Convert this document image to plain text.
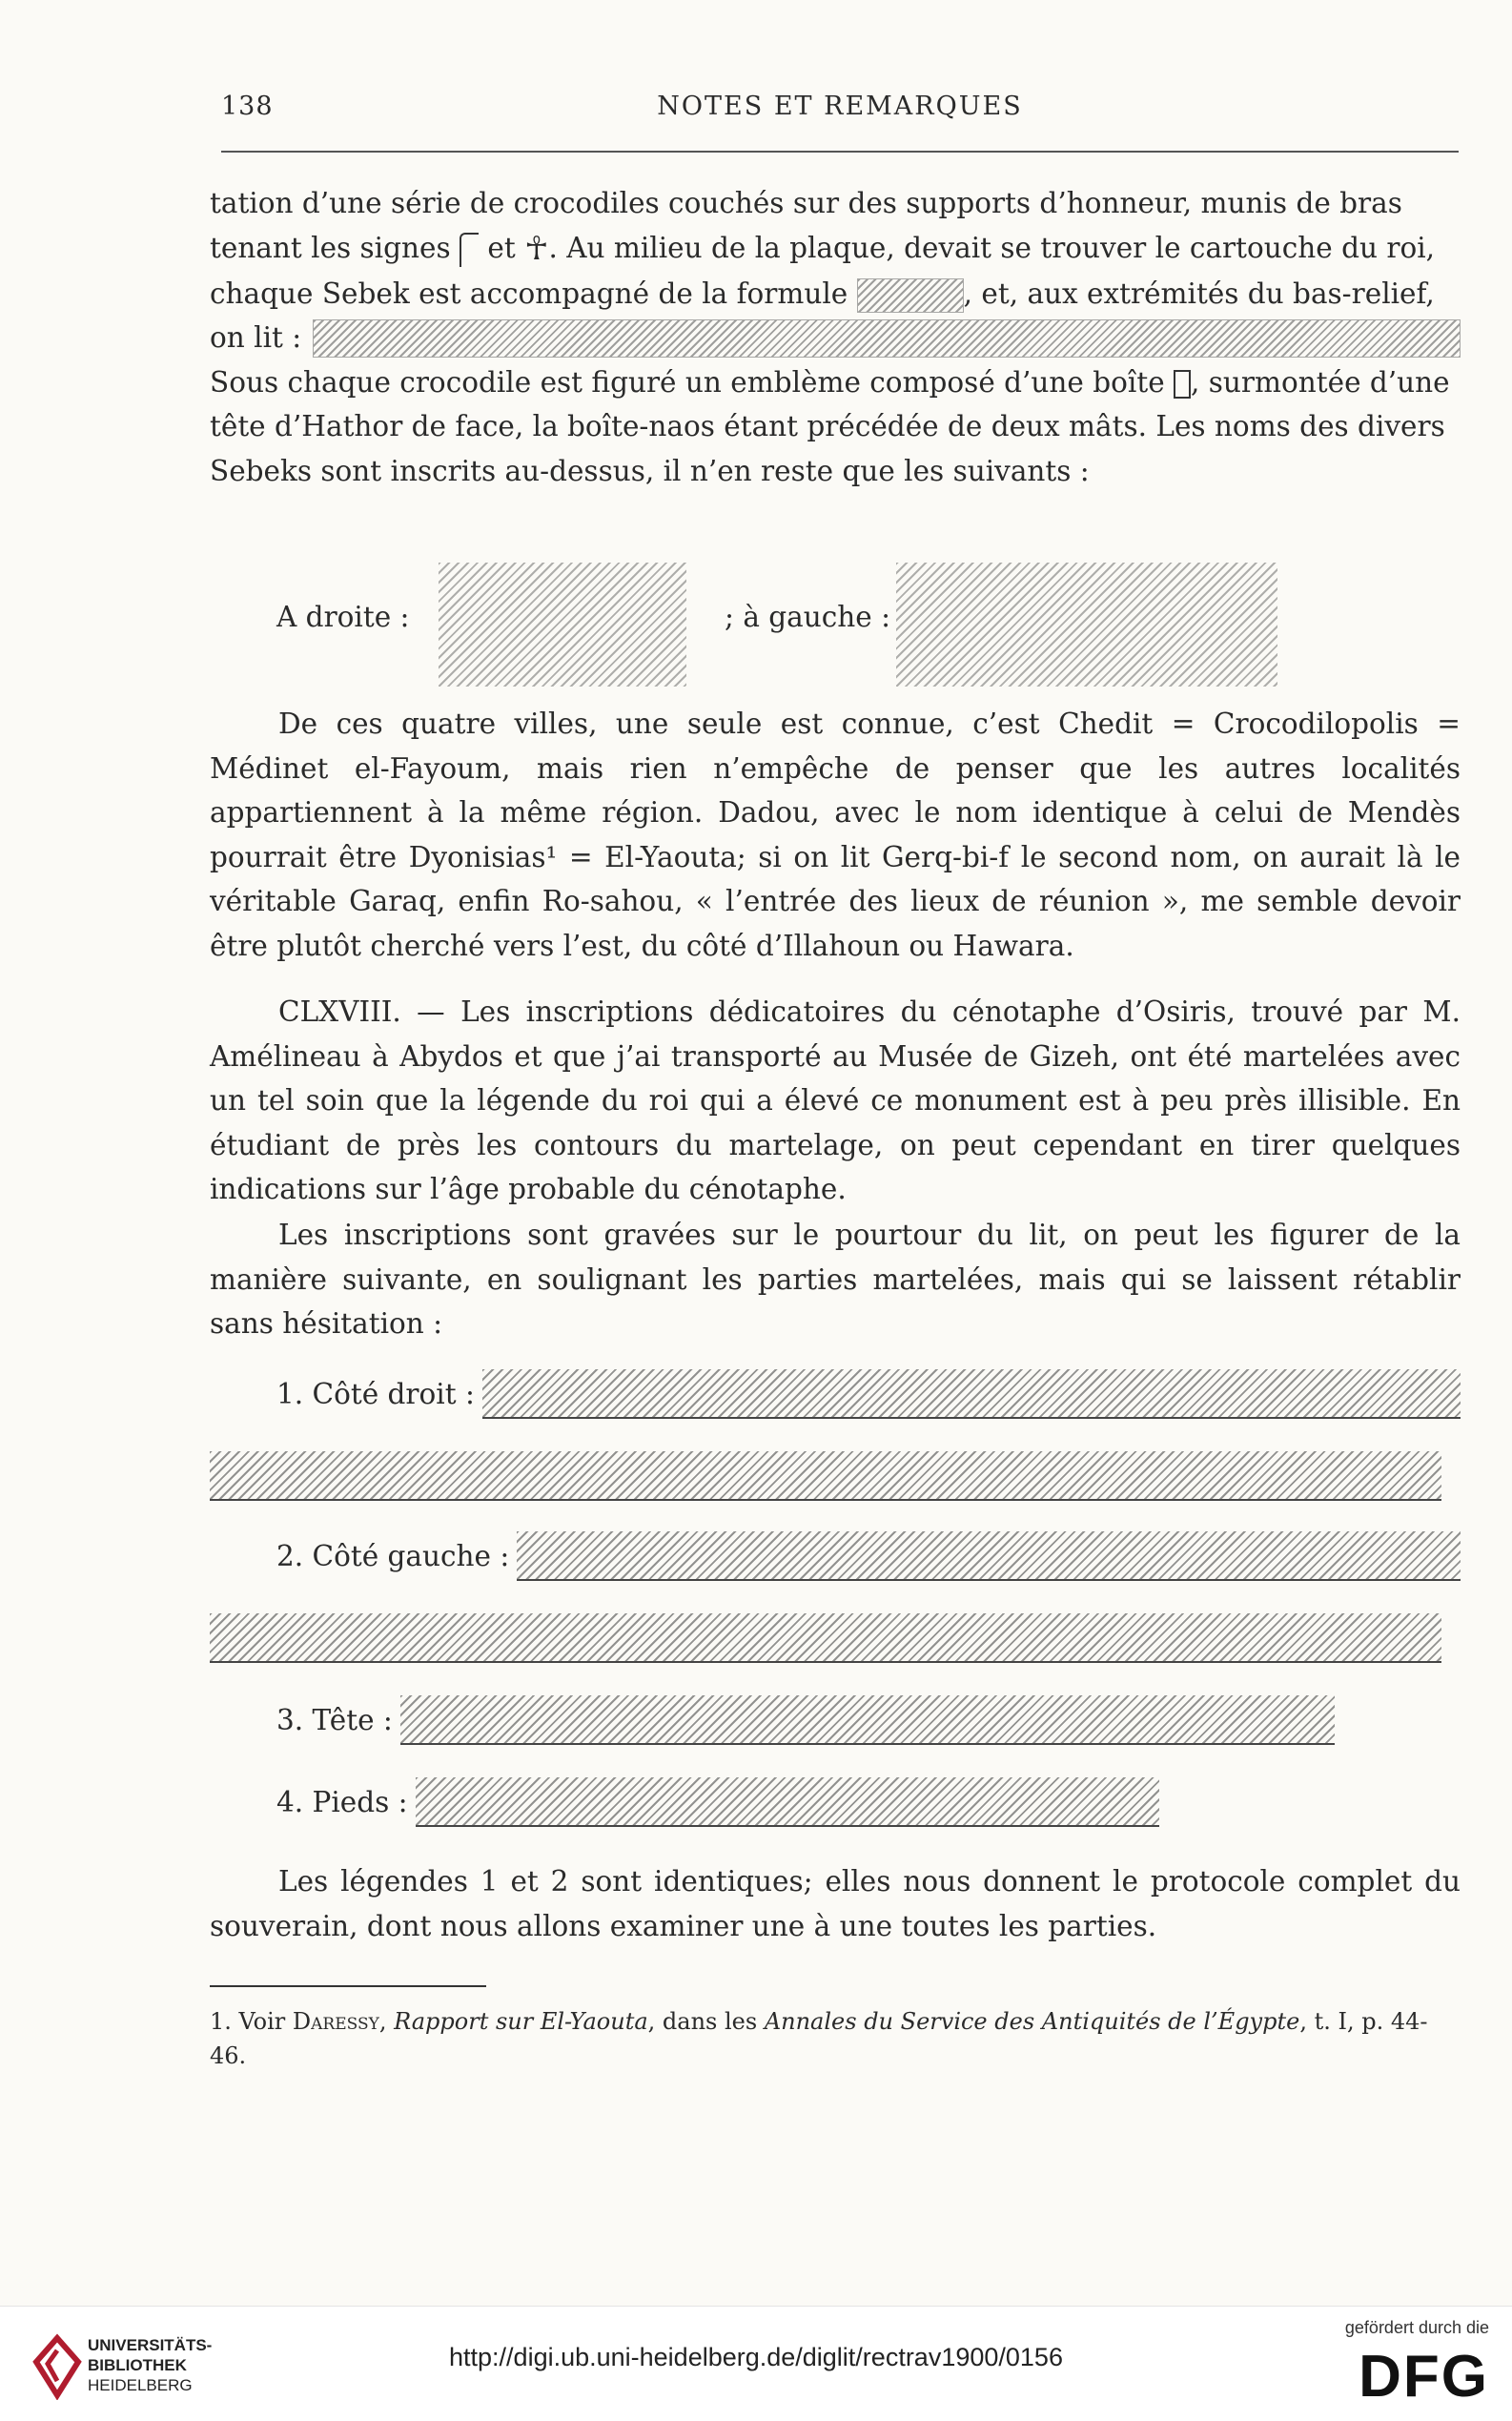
138	NOTES ET REMARQUES

tation d’une série de crocodiles couchés sur des supports d’honneur, munis de bras

tenant les signes  et ☥. Au milieu de la plaque, devait se trouver le cartouche du roi,

chaque Sebek est accompagné de la formule	, et, aux extrémités du bas-relief,

on lit :

Sous chaque crocodile est figuré un emblème composé d’une boîte , surmontée d’une

tête d’Hathor de face, la boîte-naos étant précédée de deux mâts. Les noms des divers

Sebeks sont inscrits au-dessus, il n’en reste que les suivants :

A droite :	; à gauche :
De ces quatre villes, une seule est connue, c’est Chedit = Crocodilopolis = Médinet el-Fayoum, mais rien n’empêche de penser que les autres localités appartiennent à la même région. Dadou, avec le nom identique à celui de Mendès pourrait être Dyonisias¹ = El-Yaouta; si on lit Gerq-bi-f le second nom, on aurait là le véritable Garaq, enfin Ro-sahou, « l’entrée des lieux de réunion », me semble devoir être plutôt cherché vers l’est, du côté d’Illahoun ou Hawara.
CLXVIII. — Les inscriptions dédicatoires du cénotaphe d’Osiris, trouvé par M. Amélineau à Abydos et que j’ai transporté au Musée de Gizeh, ont été martelées avec un tel soin que la légende du roi qui a élevé ce monument est à peu près illisible. En étudiant de près les contours du martelage, on peut cependant en tirer quelques indications sur l’âge probable du cénotaphe.
Les inscriptions sont gravées sur le pourtour du lit, on peut les figurer de la manière suivante, en soulignant les parties martelées, mais qui se laissent rétablir sans hésitation :
1. Côté droit :
2. Côté gauche :
3. Tête :
4. Pieds :
Les légendes 1 et 2 sont identiques; elles nous donnent le protocole complet du souverain, dont nous allons examiner une à une toutes les parties.
1. Voir Daressy, Rapport sur El-Yaouta, dans les Annales du Service des Antiquités de l’Égypte, t. I, p. 44-46.
UNIVERSITÄTS-
BIBLIOTHEK
HEIDELBERG
http://digi.ub.uni-heidelberg.de/diglit/rectrav1900/0156
gefördert durch die
DFG
